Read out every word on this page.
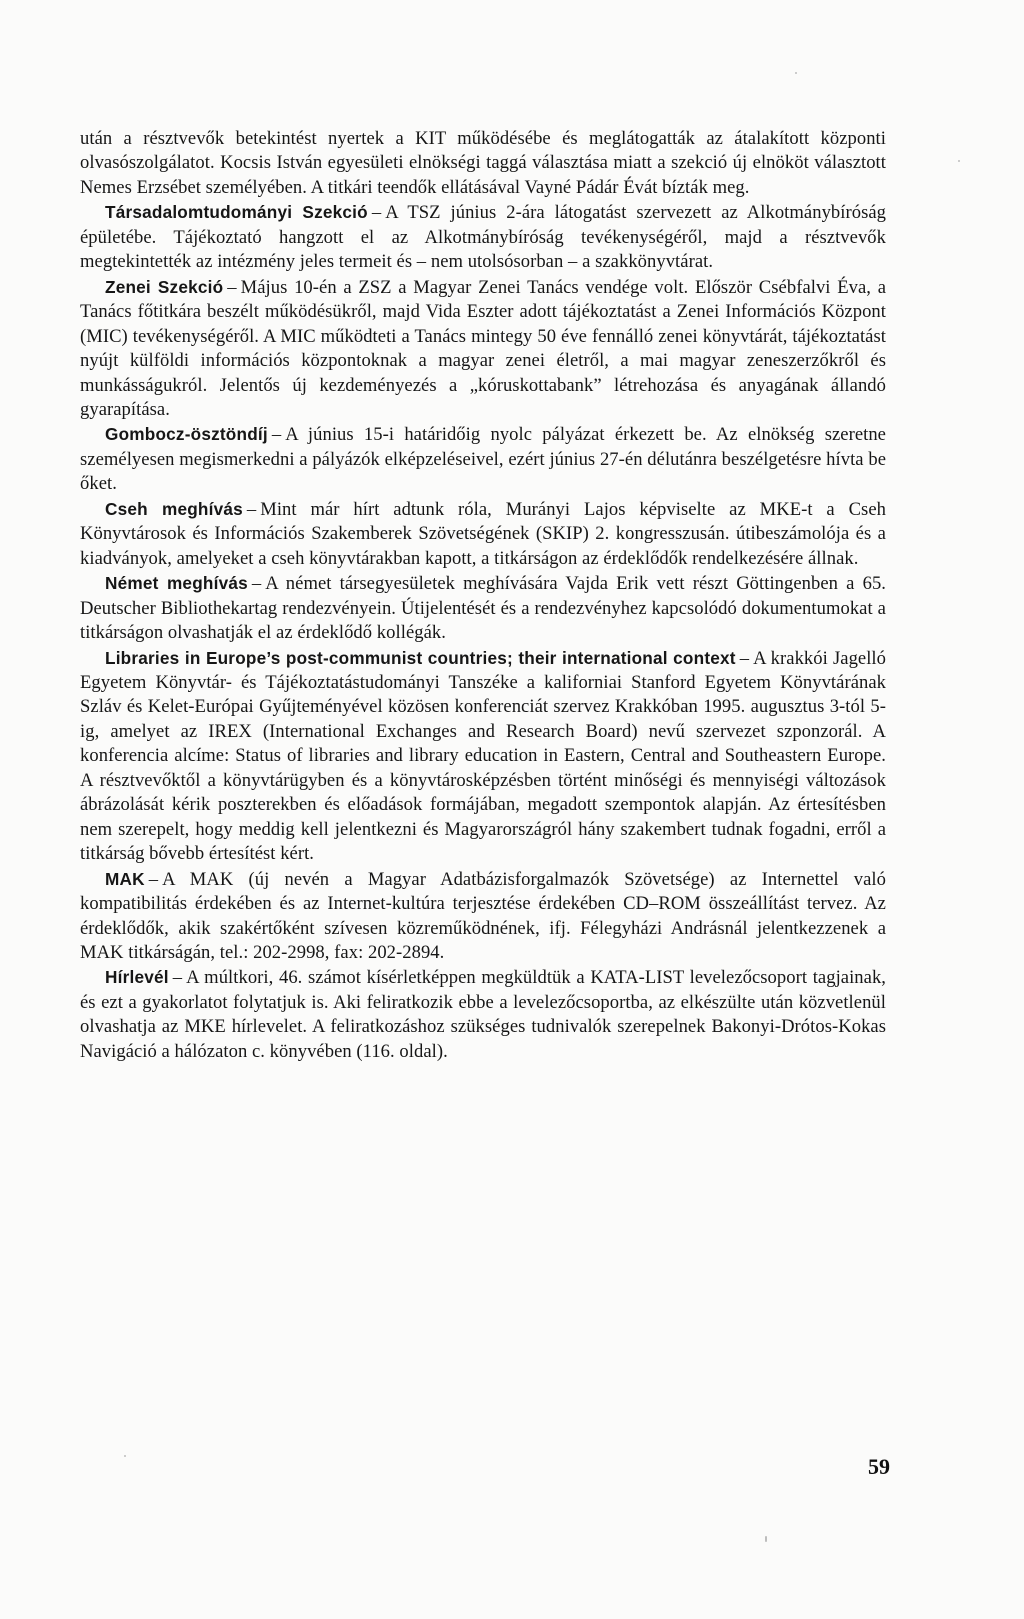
után a résztvevők betekintést nyertek a KIT működésébe és meglátogatták az átalakított központi olvasószolgálatot. Kocsis István egyesületi elnökségi taggá választása miatt a szekció új elnököt választott Nemes Erzsébet személyében. A titkári teendők ellátásával Vayné Pádár Évát bízták meg.

Társadalomtudományi Szekció – A TSZ június 2-ára látogatást szervezett az Alkotmánybíróság épületébe. Tájékoztató hangzott el az Alkotmánybíróság tevékenységéről, majd a résztvevők megtekintették az intézmény jeles termeit és – nem utolsósorban – a szakkönyvtárat.

Zenei Szekció – Május 10-én a ZSZ a Magyar Zenei Tanács vendége volt. Először Csébfalvi Éva, a Tanács főtitkára beszélt működésükről, majd Vida Eszter adott tájékoztatást a Zenei Információs Központ (MIC) tevékenységéről. A MIC működteti a Tanács mintegy 50 éve fennálló zenei könyvtárát, tájékoztatást nyújt külföldi információs központoknak a magyar zenei életről, a mai magyar zeneszerzőkről és munkásságukról. Jelentős új kezdeményezés a „kóruskottabank” létrehozása és anyagának állandó gyarapítása.

Gombocz-ösztöndíj – A június 15-i határidőig nyolc pályázat érkezett be. Az elnökség szeretne személyesen megismerkedni a pályázók elképzeléseivel, ezért június 27-én délutánra beszélgetésre hívta be őket.

Cseh meghívás – Mint már hírt adtunk róla, Murányi Lajos képviselte az MKE-t a Cseh Könyvtárosok és Információs Szakemberek Szövetségének (SKIP) 2. kongresszusán. útibeszámolója és a kiadványok, amelyeket a cseh könyvtárakban kapott, a titkárságon az érdeklődők rendelkezésére állnak.

Német meghívás – A német társegyesületek meghívására Vajda Erik vett részt Göttingenben a 65. Deutscher Bibliothekartag rendezvényein. Útijelentését és a rendezvényhez kapcsolódó dokumentumokat a titkárságon olvashatják el az érdeklődő kollégák.

Libraries in Europe’s post-communist countries; their international context – A krakkói Jagelló Egyetem Könyvtár- és Tájékoztatástudományi Tanszéke a kaliforniai Stanford Egyetem Könyvtárának Szláv és Kelet-Európai Gyűjteményével közösen konferenciát szervez Krakkóban 1995. augusztus 3-tól 5-ig, amelyet az IREX (International Exchanges and Research Board) nevű szervezet szponzorál. A konferencia alcíme: Status of libraries and library education in Eastern, Central and Southeastern Europe. A résztvevőktől a könyvtárügyben és a könyvtárosképzésben történt minőségi és mennyiségi változások ábrázolását kérik poszterekben és előadások formájában, megadott szempontok alapján. Az értesítésben nem szerepelt, hogy meddig kell jelentkezni és Magyarországról hány szakembert tudnak fogadni, erről a titkárság bővebb értesítést kért.

MAK – A MAK (új nevén a Magyar Adatbázisforgalmazók Szövetsége) az Internettel való kompatibilitás érdekében és az Internet-kultúra terjesztése érdekében CD–ROM összeállítást tervez. Az érdeklődők, akik szakértőként szívesen közreműködnének, ifj. Félegyházi Andrásnál jelentkezzenek a MAK titkárságán, tel.: 202-2998, fax: 202-2894.

Hírlevél – A múltkori, 46. számot kísérletképpen megküldtük a KATA-LIST levelezőcsoport tagjainak, és ezt a gyakorlatot folytatjuk is. Aki feliratkozik ebbe a levelezőcsoportba, az elkészülte után közvetlenül olvashatja az MKE hírlevelet. A feliratkozáshoz szükséges tudnivalók szerepelnek Bakonyi-Drótos-Kokas Navigáció a hálózaton c. könyvében (116. oldal).

59
